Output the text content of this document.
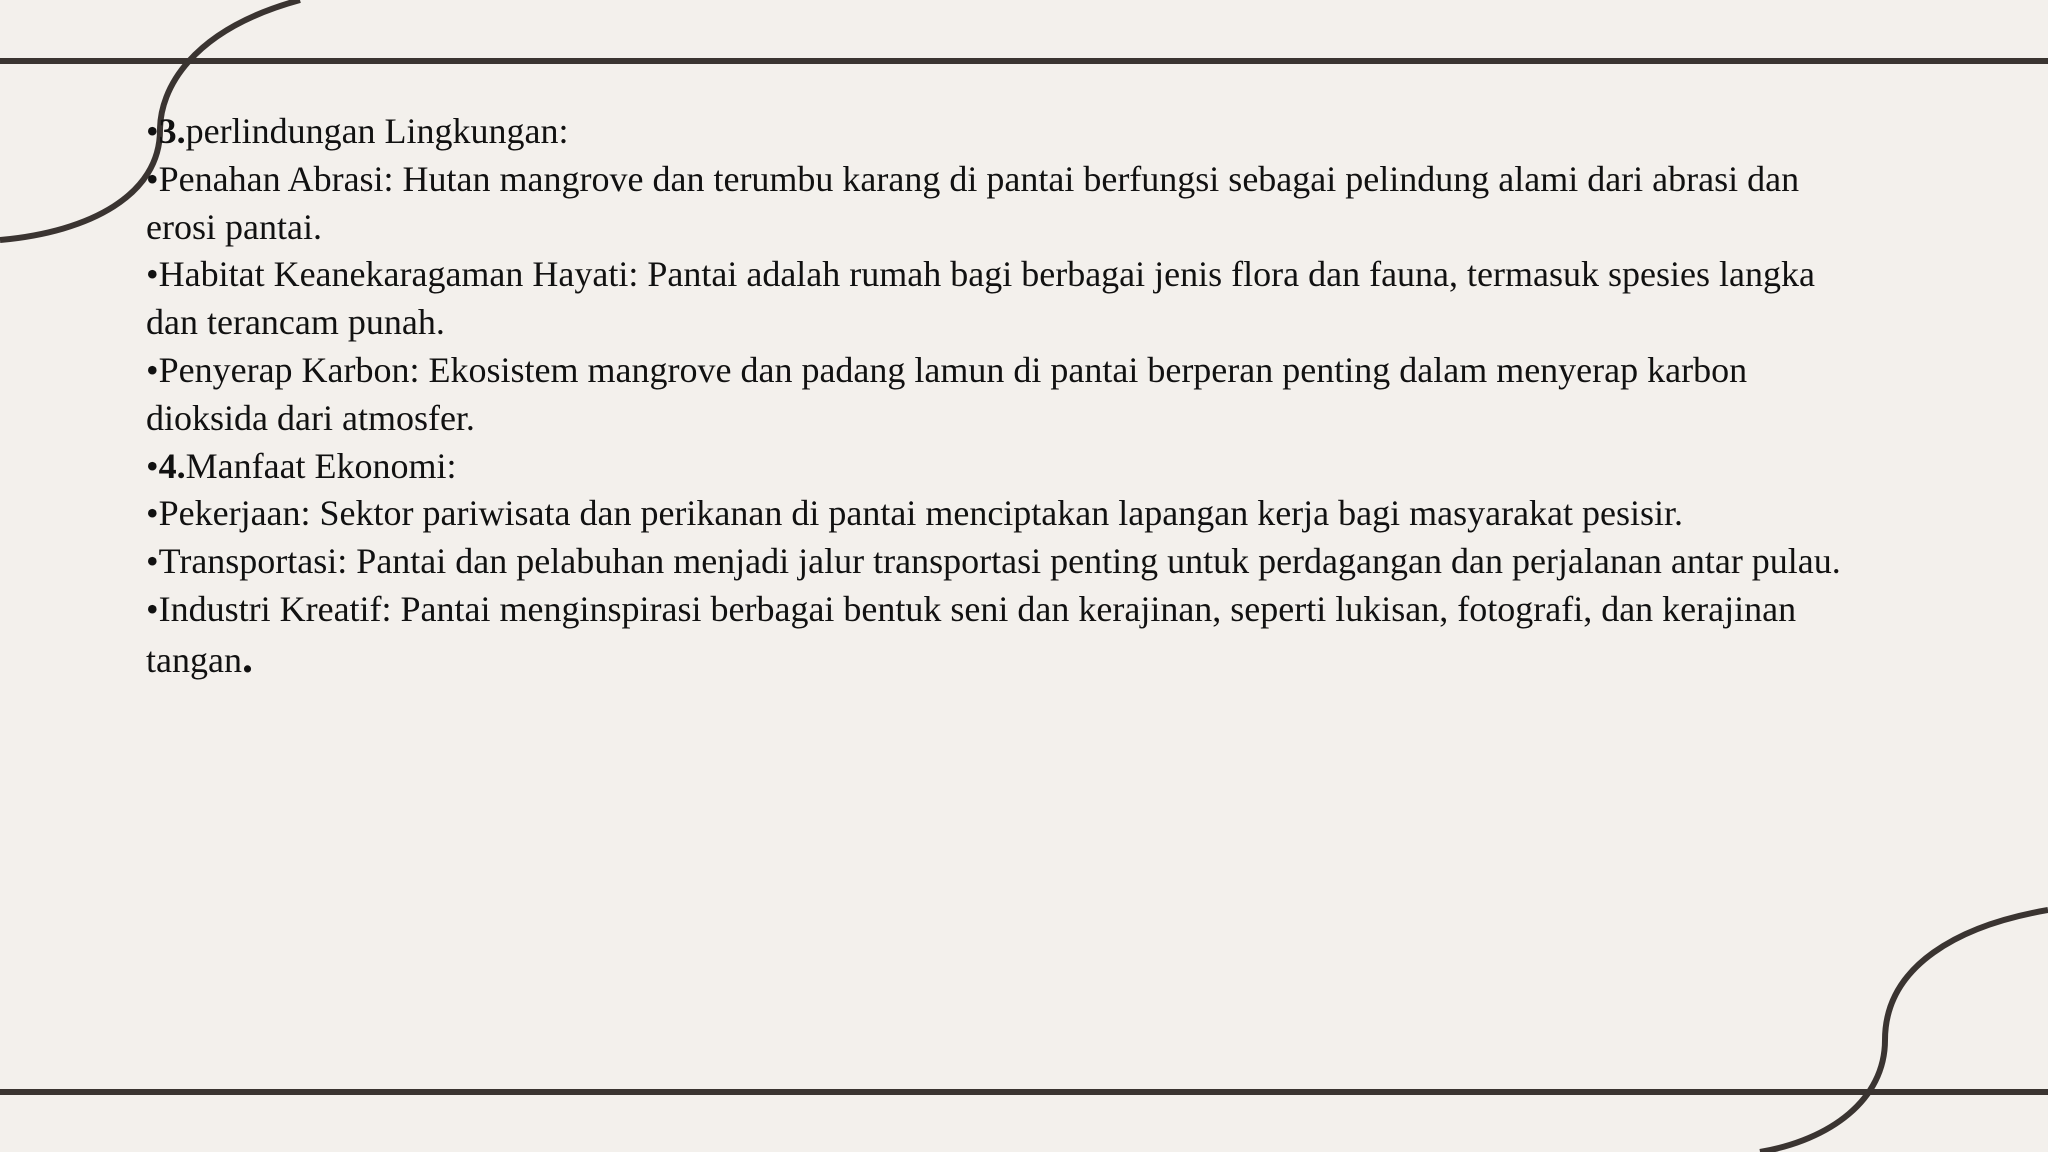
•3.perlindungan Lingkungan:

•Penahan Abrasi: Hutan mangrove dan terumbu karang di pantai berfungsi sebagai pelindung alami dari abrasi dan erosi pantai.

•Habitat Keanekaragaman Hayati: Pantai adalah rumah bagi berbagai jenis flora dan fauna, termasuk spesies langka dan terancam punah.

•Penyerap Karbon: Ekosistem mangrove dan padang lamun di pantai berperan penting dalam menyerap karbon dioksida dari atmosfer.

•4.Manfaat Ekonomi:

•Pekerjaan: Sektor pariwisata dan perikanan di pantai menciptakan lapangan kerja bagi masyarakat pesisir.

•Transportasi: Pantai dan pelabuhan menjadi jalur transportasi penting untuk perdagangan dan perjalanan antar pulau.

•Industri Kreatif: Pantai menginspirasi berbagai bentuk seni dan kerajinan, seperti lukisan, fotografi, dan kerajinan tangan.
